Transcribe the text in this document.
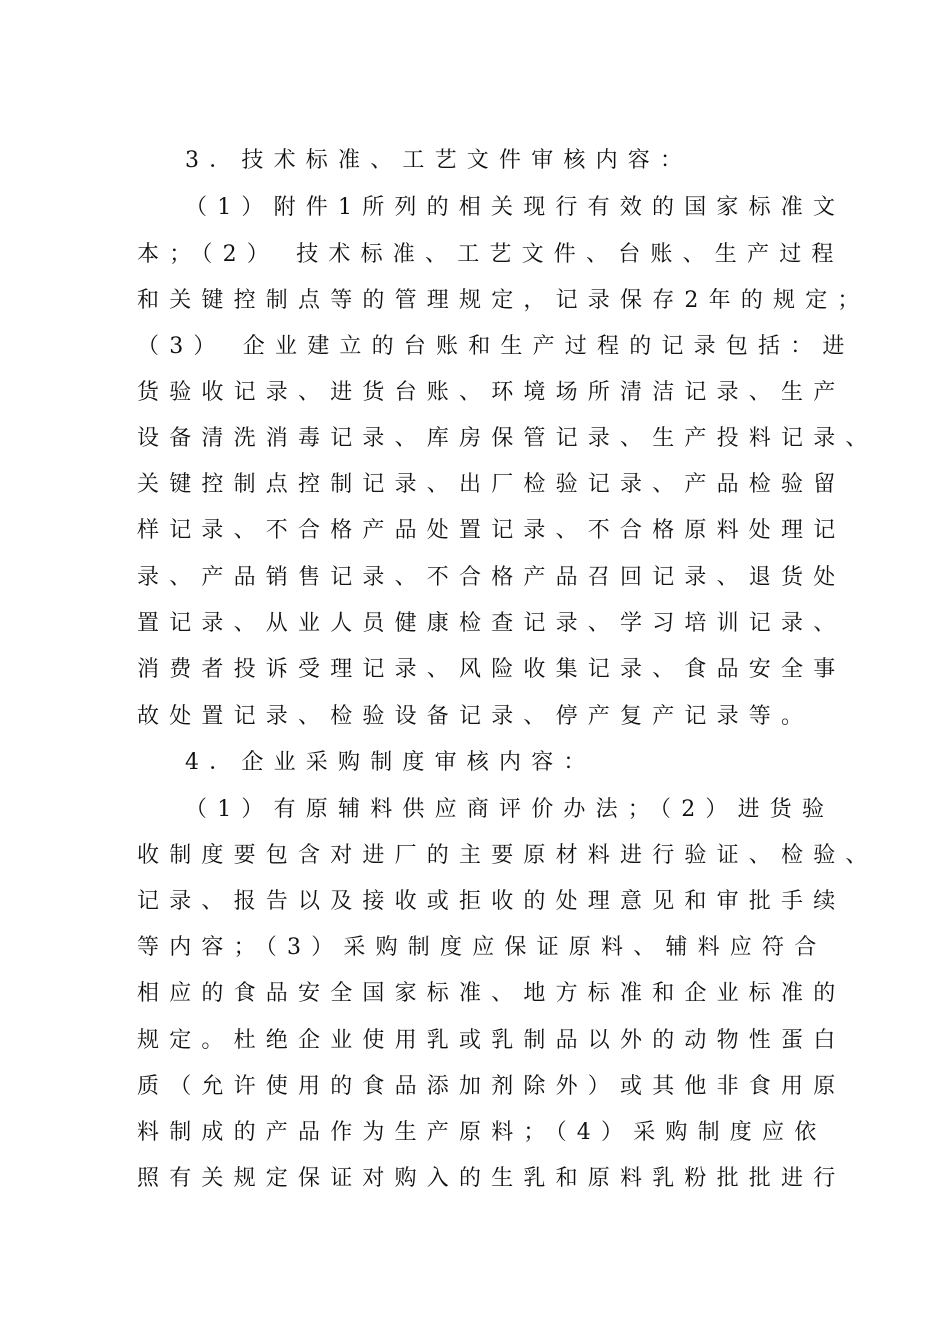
3．技术标准、工艺文件审核内容：
（1）附件1所列的相关现行有效的国家标准文
本；（2） 技术标准、工艺文件、台账、生产过程
和关键控制点等的管理规定，记录保存2年的规定；
（3） 企业建立的台账和生产过程的记录包括：进
货验收记录、进货台账、环境场所清洁记录、生产
设备清洗消毒记录、库房保管记录、生产投料记录、
关键控制点控制记录、出厂检验记录、产品检验留
样记录、不合格产品处置记录、不合格原料处理记
录、产品销售记录、不合格产品召回记录、退货处
置记录、从业人员健康检查记录、学习培训记录、
消费者投诉受理记录、风险收集记录、食品安全事
故处置记录、检验设备记录、停产复产记录等。
4．企业采购制度审核内容：
（1）有原辅料供应商评价办法；（2）进货验
收制度要包含对进厂的主要原材料进行验证、检验、
记录、报告以及接收或拒收的处理意见和审批手续
等内容；（3）采购制度应保证原料、辅料应符合
相应的食品安全国家标准、地方标准和企业标准的
规定。杜绝企业使用乳或乳制品以外的动物性蛋白
质（允许使用的食品添加剂除外）或其他非食用原
料制成的产品作为生产原料；（4）采购制度应依
照有关规定保证对购入的生乳和原料乳粉批批进行
